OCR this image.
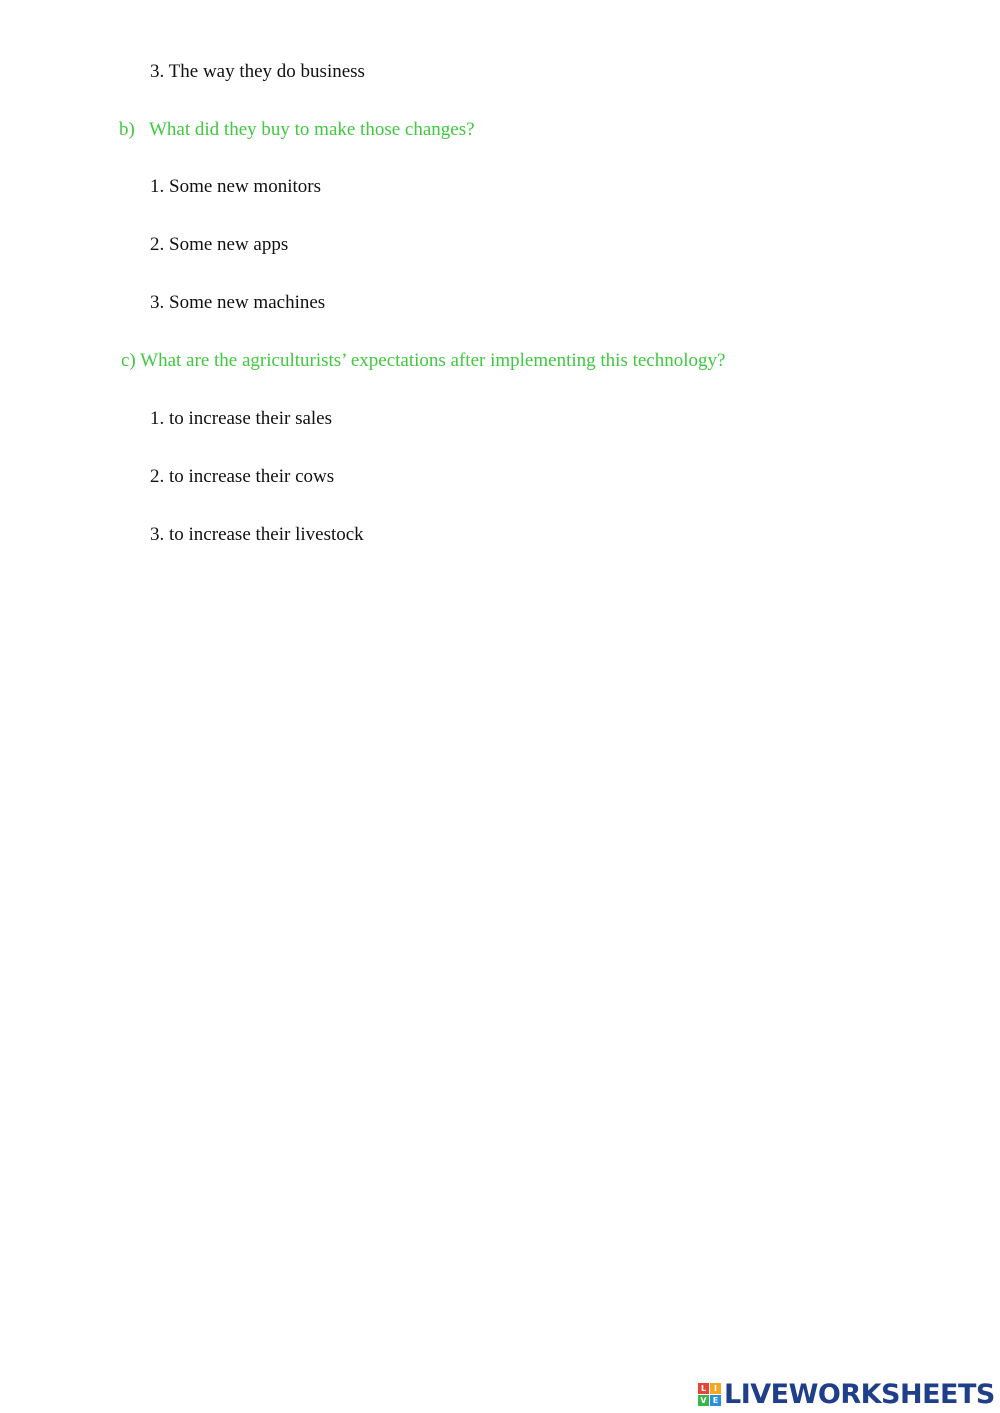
3. The way they do business
b) What did they buy to make those changes?
1. Some new monitors
2. Some new apps
3. Some new machines
c) What are the agriculturists’ expectations after implementing this technology?
1. to increase their sales
2. to increase their cows
3. to increase their livestock
L I
V E LIVEWORKSHEETS
